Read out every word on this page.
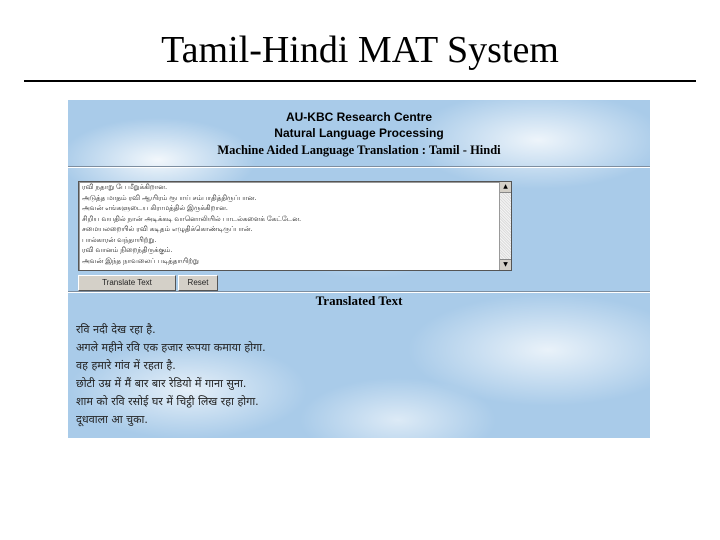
Tamil-Hindi MAT System
AU-KBC Research Centre
Natural Language Processing
Machine Aided Language Translation : Tamil - Hindi
ரவி நதாறு பே மீறுக்கிறான.
அடுத்த மாதம் ரவி ஆயிரம் ரூபாய் சம்பாதித்திருப்பான.
அவன் எங்களுடைய கிராமத்தில் இருக்கிறான.
சிறிய வயதில் நான் அடிக்கடி வானொலியில் பாடல்களைக் கேட்டேன.
சமையலறையில் ரவி கடிதம் எழுதிக்கொண்டிருப்பான்.
பால்காரன் வந்தாயிற்று.
ரவி வானம் நிறைந்திருக்கும்.
அவன் இந்த நாவலைப் படித்தாயிற்று
▲
▼
Translate Text	Reset
Translated Text
रवि नदी देख रहा है.
अगले महीने रवि एक हजार रूपया कमाया होगा.
वह हमारे गांव में रहता है.
छोटी उम्र में मैं बार बार रेडियो में गाना सुना.
शाम को रवि रसोई घर में चिट्ठी लिख रहा होगा.
दूधवाला आ चुका.
